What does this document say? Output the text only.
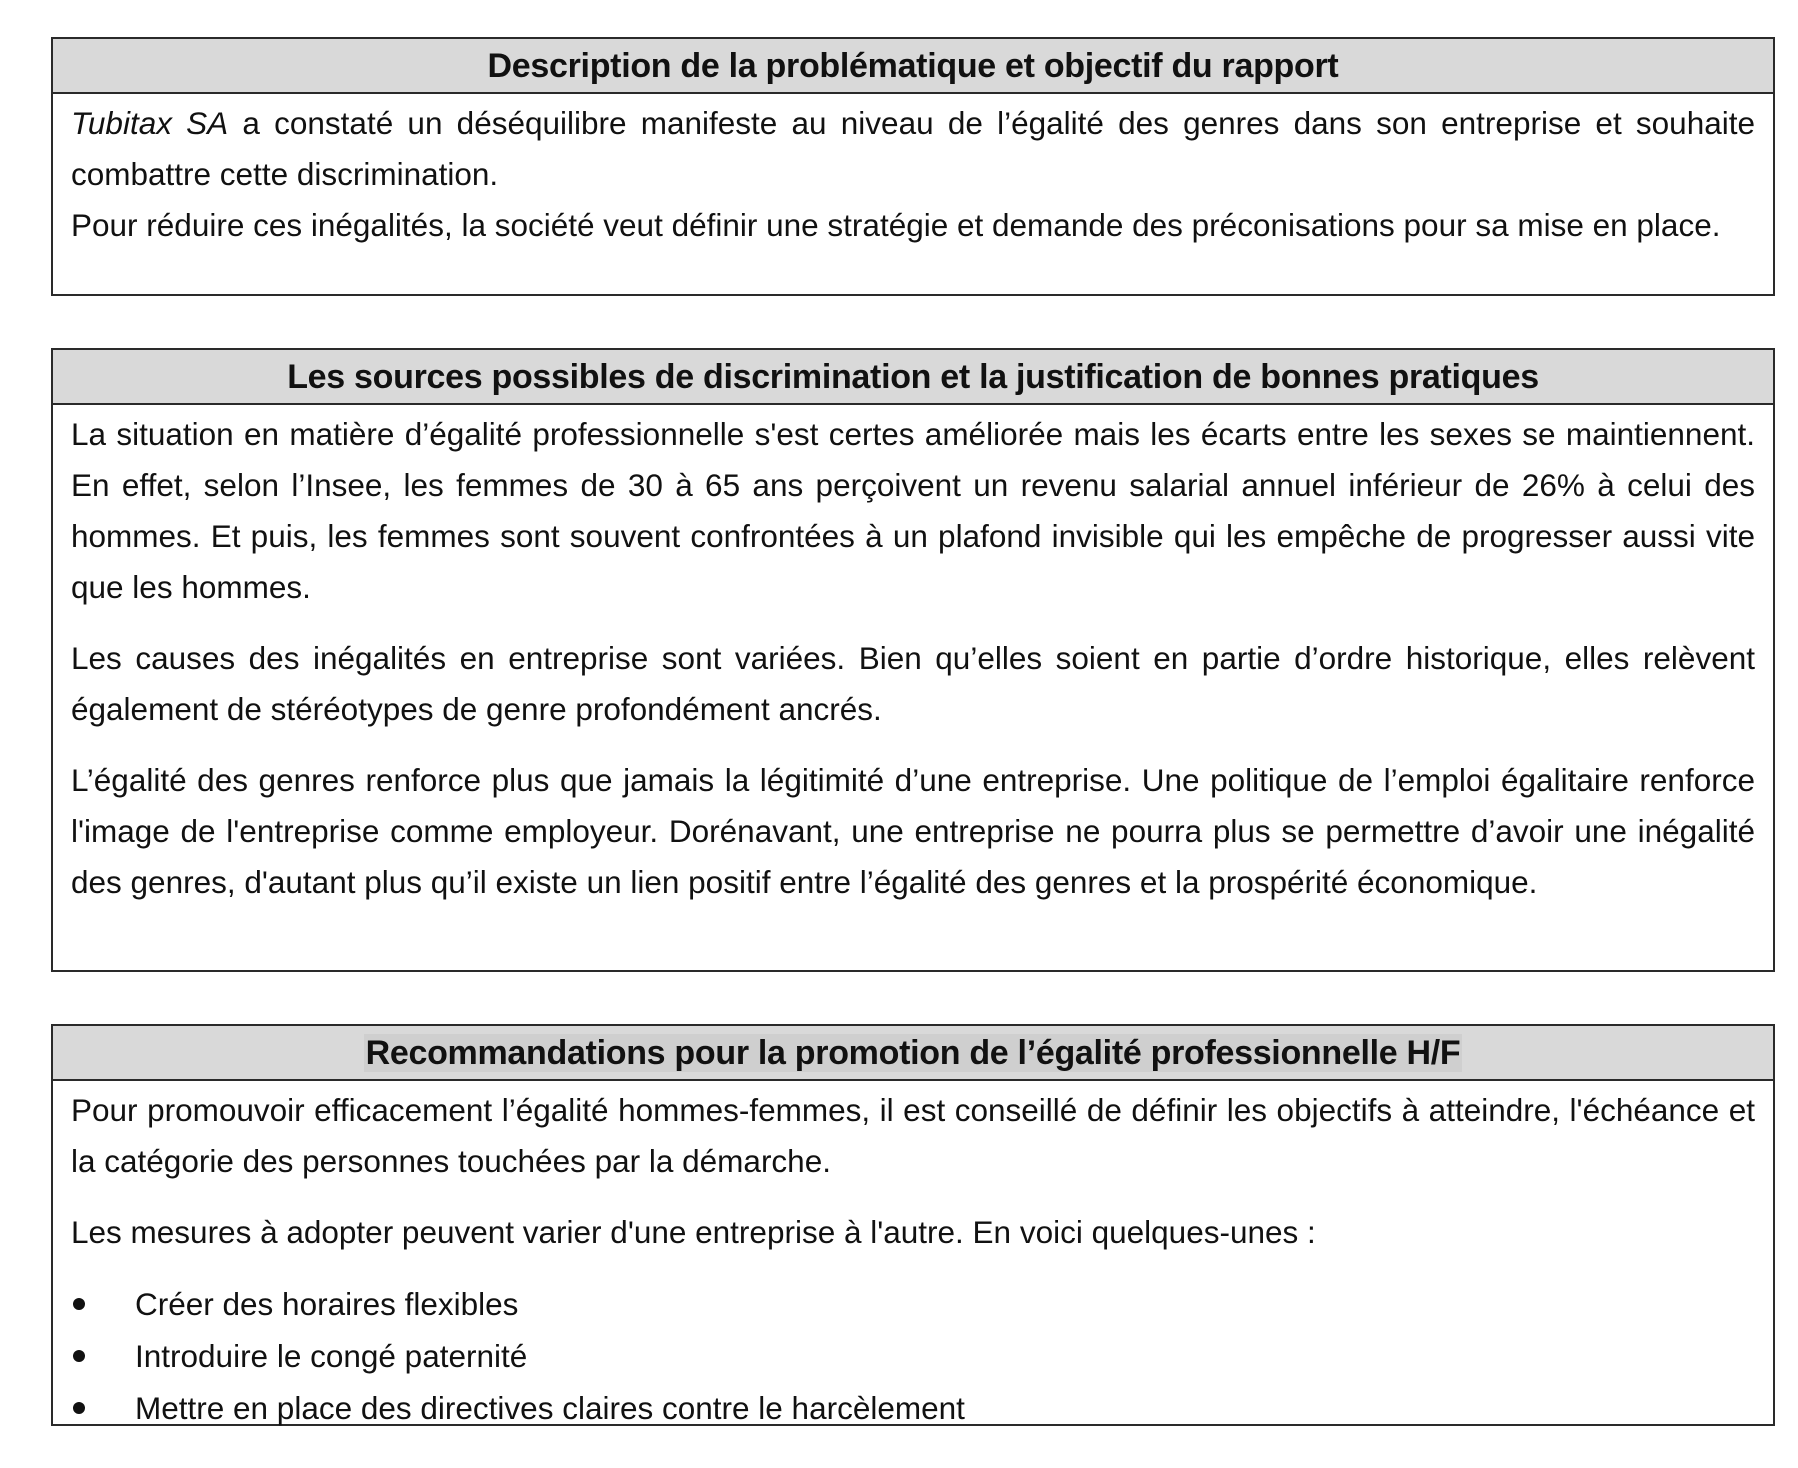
Description de la problématique et objectif du rapport

Tubitax SA a constaté un déséquilibre manifeste au niveau de l’égalité des genres dans son entreprise et souhaite combattre cette discrimination.

Pour réduire ces inégalités, la société veut définir une stratégie et demande des préconisations pour sa mise en place.

Les sources possibles de discrimination et la justification de bonnes pratiques

La situation en matière d’égalité professionnelle s'est certes améliorée mais les écarts entre les sexes se maintiennent. En effet, selon l’Insee, les femmes de 30 à 65 ans perçoivent un revenu salarial annuel inférieur de 26% à celui des hommes. Et puis, les femmes sont souvent confrontées à un plafond invisible qui les empêche de progresser aussi vite que les hommes.

Les causes des inégalités en entreprise sont variées. Bien qu’elles soient en partie d’ordre historique, elles relèvent également de stéréotypes de genre profondément ancrés.

L’égalité des genres renforce plus que jamais la légitimité d’une entreprise. Une politique de l’emploi égalitaire renforce l'image de l'entreprise comme employeur. Dorénavant, une entreprise ne pourra plus se permettre d’avoir une inégalité des genres, d'autant plus qu’il existe un lien positif entre l’égalité des genres et la prospérité économique.

Recommandations pour la promotion de l’égalité professionnelle H/F

Pour promouvoir efficacement l’égalité hommes-femmes, il est conseillé de définir les objectifs à atteindre, l'échéance et la catégorie des personnes touchées par la démarche.

Les mesures à adopter peuvent varier d'une entreprise à l'autre. En voici quelques-unes :

Créer des horaires flexibles
Introduire le congé paternité
Mettre en place des directives claires contre le harcèlement
